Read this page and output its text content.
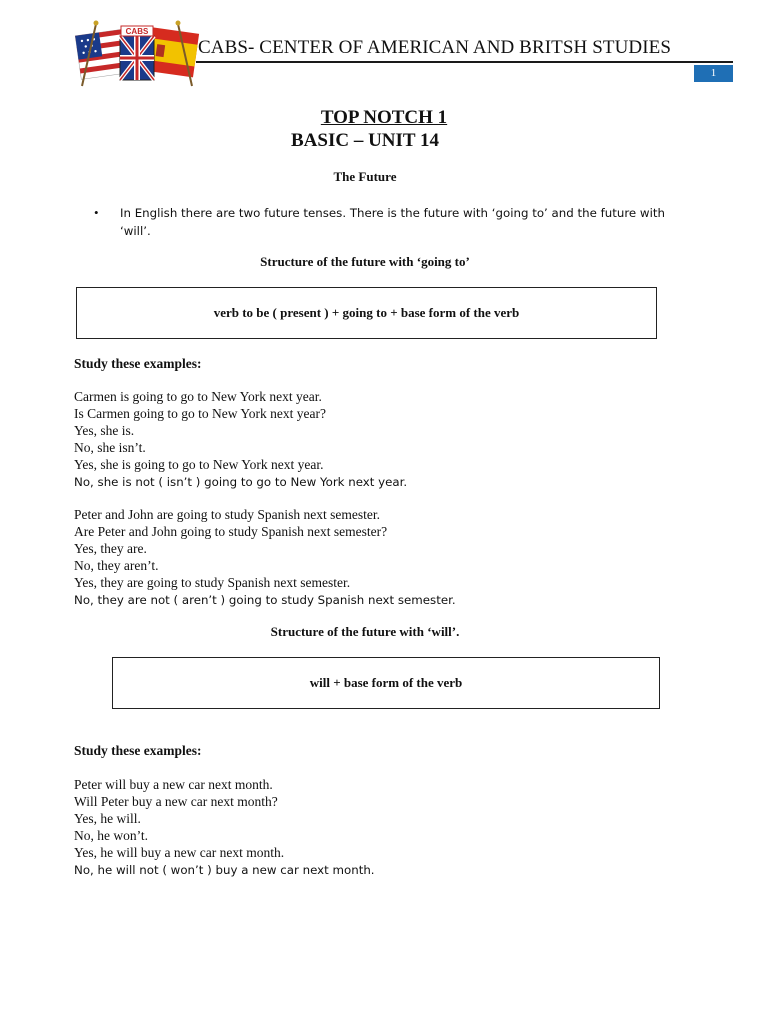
CABS
CABS- CENTER OF AMERICAN AND BRITSH STUDIES
1
TOP NOTCH 1
BASIC – UNIT 14
The Future
• In English there are two future tenses. There is the future with ‘going to’ and the future with ‘will’.
Structure of the future with ‘going to’
verb to be ( present ) + going to + base form of the verb
Study these examples:
Carmen is going to go to New York next year.
Is Carmen going to go to New York next year?
Yes, she is.
No, she isn’t.
Yes, she is going to go to New York next year.
No, she is not ( isn’t ) going to go to New York next year.
Peter and John are going to study Spanish next semester.
Are Peter and John going to study Spanish next semester?
Yes, they are.
No, they aren’t.
Yes, they are going to study Spanish next semester.
No, they are not ( aren’t ) going to study Spanish next semester.
Structure of the future with ‘will’.
will + base form of the verb
Study these examples:
Peter will buy a new car next month.
Will Peter buy a new car next month?
Yes, he will.
No, he won’t.
Yes, he will buy a new car next month.
No, he will not ( won’t ) buy a new car next month.
